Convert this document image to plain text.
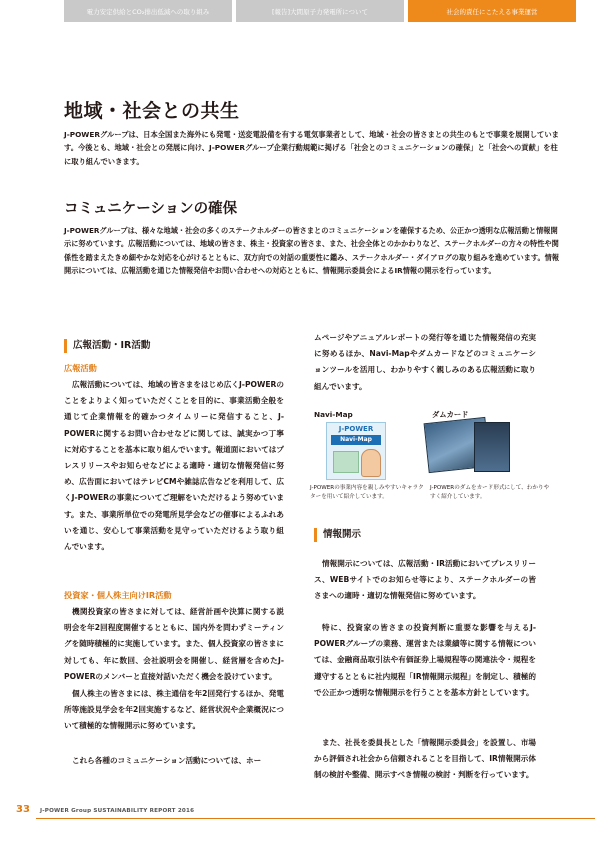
電力安定供給とCO₂排出低減への取り組み	[報告]大間原子力発電所について	社会的責任にこたえる事業運営
地域・社会との共生
J-POWERグループは、日本全国また海外にも発電・送変電設備を有する電気事業者として、地域・社会の皆さまとの共生のもとで事業を展開しています。今後とも、地域・社会との発展に向け、J-POWERグループ企業行動規範に掲げる「社会とのコミュニケーションの確保」と「社会への貢献」を柱に取り組んでいきます。
コミュニケーションの確保
J-POWERグループは、様々な地域・社会の多くのステークホルダーの皆さまとのコミュニケーションを確保するため、公正かつ透明な広報活動と情報開示に努めています。広報活動については、地域の皆さま、株主・投資家の皆さま、また、社会全体とのかかわりなど、ステークホルダーの方々の特性や関係性を踏まえたきめ細やかな対応を心がけるとともに、双方向での対話の重要性に鑑み、ステークホルダー・ダイアログの取り組みを進めています。情報開示については、広報活動を通じた情報発信やお問い合わせへの対応とともに、情報開示委員会によるIR情報の開示を行っています。
広報活動・IR活動
広報活動
広報活動については、地域の皆さまをはじめ広くJ-POWERのことをよりよく知っていただくことを目的に、事業活動全般を通じて企業情報を的確かつタイムリーに発信すること、J-POWERに関するお問い合わせなどに関しては、誠実かつ丁寧に対応することを基本に取り組んでいます。報道面においてはプレスリリースやお知らせなどによる適時・適切な情報発信に努め、広告面においてはテレビCMや雑誌広告などを利用して、広くJ-POWERの事業についてご理解をいただけるよう努めています。また、事業所単位での発電所見学会などの催事によるふれあいを通じ、安心して事業活動を見守っていただけるよう取り組んでいます。
投資家・個人株主向けIR活動
機関投資家の皆さまに対しては、経営計画や決算に関する説明会を年2回程度開催するとともに、国内外を問わずミーティングを随時積極的に実施しています。また、個人投資家の皆さまに対しても、年に数回、会社説明会を開催し、経営層を含めたJ-POWERのメンバーと直接対話いただく機会を設けています。
個人株主の皆さまには、株主通信を年2回発行するほか、発電所等施設見学会を年2回実施するなど、経営状況や企業概況について積極的な情報開示に努めています。
これら各種のコミュニケーション活動については、ホー
ムページやアニュアルレポートの発行等を通じた情報発信の充実に努めるほか、Navi-Mapやダムカードなどのコミュニケーションツールを活用し、わかりやすく親しみのある広報活動に取り組んでいます。
Navi-Map
J-POWER
Navi-Map
J-POWERの事業内容を親しみやすいキャラクターを用いて紹介しています。
ダムカード
J-POWERのダムをカード形式にして、わかりやすく紹介しています。
情報開示
情報開示については、広報活動・IR活動においてプレスリリース、WEBサイトでのお知らせ等により、ステークホルダーの皆さまへの適時・適切な情報発信に努めています。
特に、投資家の皆さまの投資判断に重要な影響を与えるJ-POWERグループの業務、運営または業績等に関する情報については、金融商品取引法や有価証券上場規程等の関連法令・規程を遵守するとともに社内規程「IR情報開示規程」を制定し、積極的で公正かつ透明な情報開示を行うことを基本方針としています。
また、社長を委員長とした「情報開示委員会」を設置し、市場から評価され社会から信頼されることを目指して、IR情報開示体制の検討や整備、開示すべき情報の検討・判断を行っています。
33 J-POWER Group SUSTAINABILITY REPORT 2016
